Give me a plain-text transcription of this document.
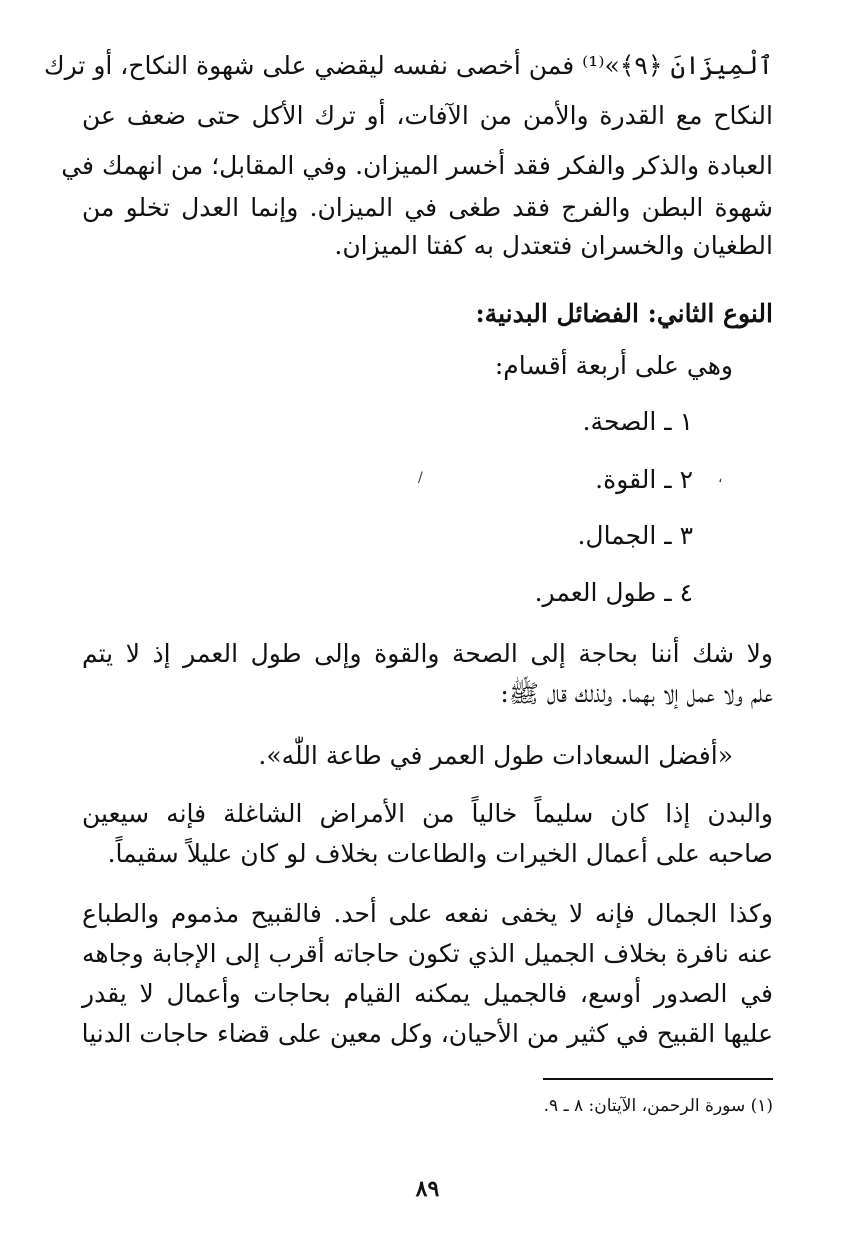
ٱلْمِيزَانَ ﴿٩﴾»⁽¹⁾ فمن أخصى نفسه ليقضي على شهوة النكاح، أو ترك
النكاح مع القدرة والأمن من الآفات، أو ترك الأكل حتى ضعف عن
العبادة والذكر والفكر فقد أخسر الميزان. وفي المقابل؛ من انهمك في
شهوة البطن والفرج فقد طغى في الميزان. وإنما العدل تخلو من
الطغيان والخسران فتعتدل به كفتا الميزان.
النوع الثاني: الفضائل البدنية:
وهي على أربعة أقسام:
١ ـ الصحة.
٢ ـ القوة.
٣ ـ الجمال.
٤ ـ طول العمر.
،
/
ولا شك أننا بحاجة إلى الصحة والقوة وإلى طول العمر إذ لا يتم
علم ولا عمل إلا بهما. ولذلك قال ﷺ:
«أفضل السعادات طول العمر في طاعة اللّٰه».
والبدن إذا كان سليماً خالياً من الأمراض الشاغلة فإنه سيعين
صاحبه على أعمال الخيرات والطاعات بخلاف لو كان عليلاً سقيماً.
وكذا الجمال فإنه لا يخفى نفعه على أحد. فالقبيح مذموم والطباع
عنه نافرة بخلاف الجميل الذي تكون حاجاته أقرب إلى الإجابة وجاهه
في الصدور أوسع، فالجميل يمكنه القيام بحاجات وأعمال لا يقدر
عليها القبيح في كثير من الأحيان، وكل معين على قضاء حاجات الدنيا
(١) سورة الرحمن، الآيتان: ٨ ـ ٩.
٨٩
